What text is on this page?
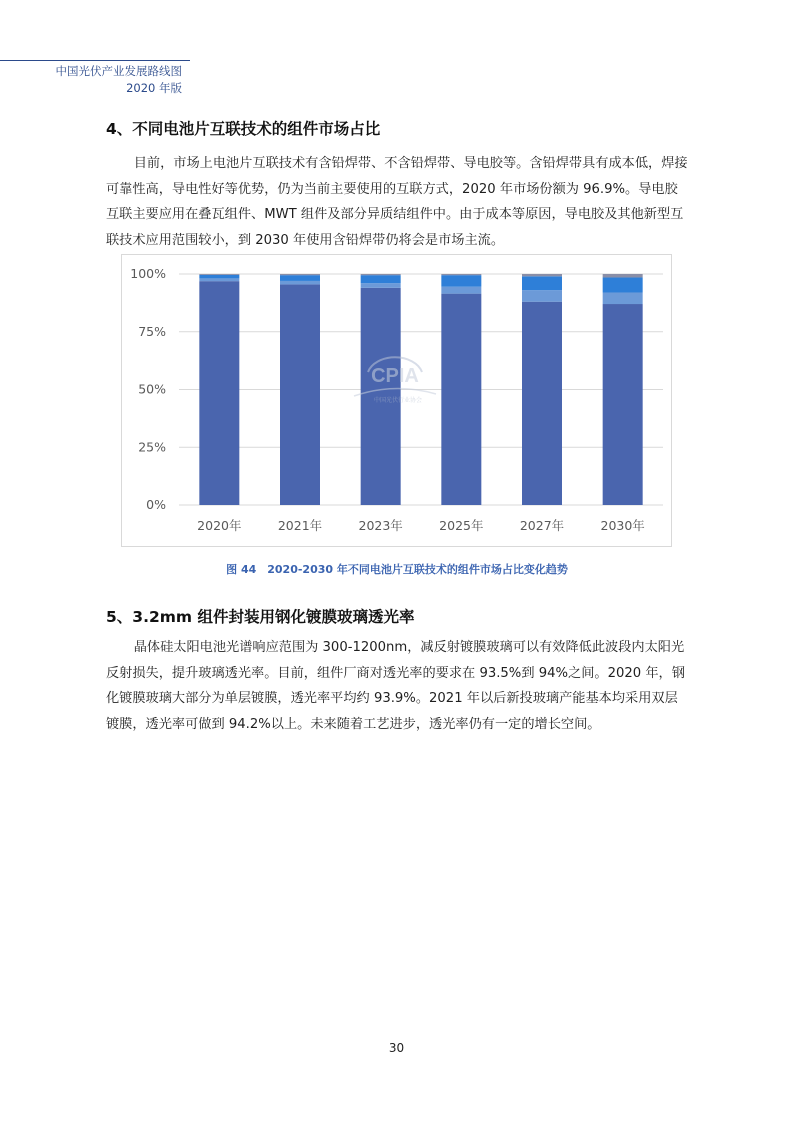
中国光伏产业发展路线图
2020 年版
4、不同电池片互联技术的组件市场占比

目前，市场上电池片互联技术有含铅焊带、不含铅焊带、导电胶等。含铅焊带具有成本低，焊接可靠性高，导电性好等优势，仍为当前主要使用的互联方式，2020 年市场份额为 96.9%。导电胶互联主要应用在叠瓦组件、MWT 组件及部分异质结组件中。由于成本等原因，导电胶及其他新型互联技术应用范围较小，到 2030 年使用含铅焊带仍将会是市场主流。

0%
25%
50%
75%
100%
2020年	2021年	2023年	2025年	2027年	2030年
CPIA
中国光伏行业协会
图 44　2020-2030 年不同电池片互联技术的组件市场占比变化趋势
5、3.2mm 组件封装用钢化镀膜玻璃透光率

晶体硅太阳电池光谱响应范围为 300-1200nm，减反射镀膜玻璃可以有效降低此波段内太阳光反射损失，提升玻璃透光率。目前，组件厂商对透光率的要求在 93.5%到 94%之间。2020 年，钢化镀膜玻璃大部分为单层镀膜，透光率平均约 93.9%。2021 年以后新投玻璃产能基本均采用双层镀膜，透光率可做到 94.2%以上。未来随着工艺进步，透光率仍有一定的增长空间。

30
